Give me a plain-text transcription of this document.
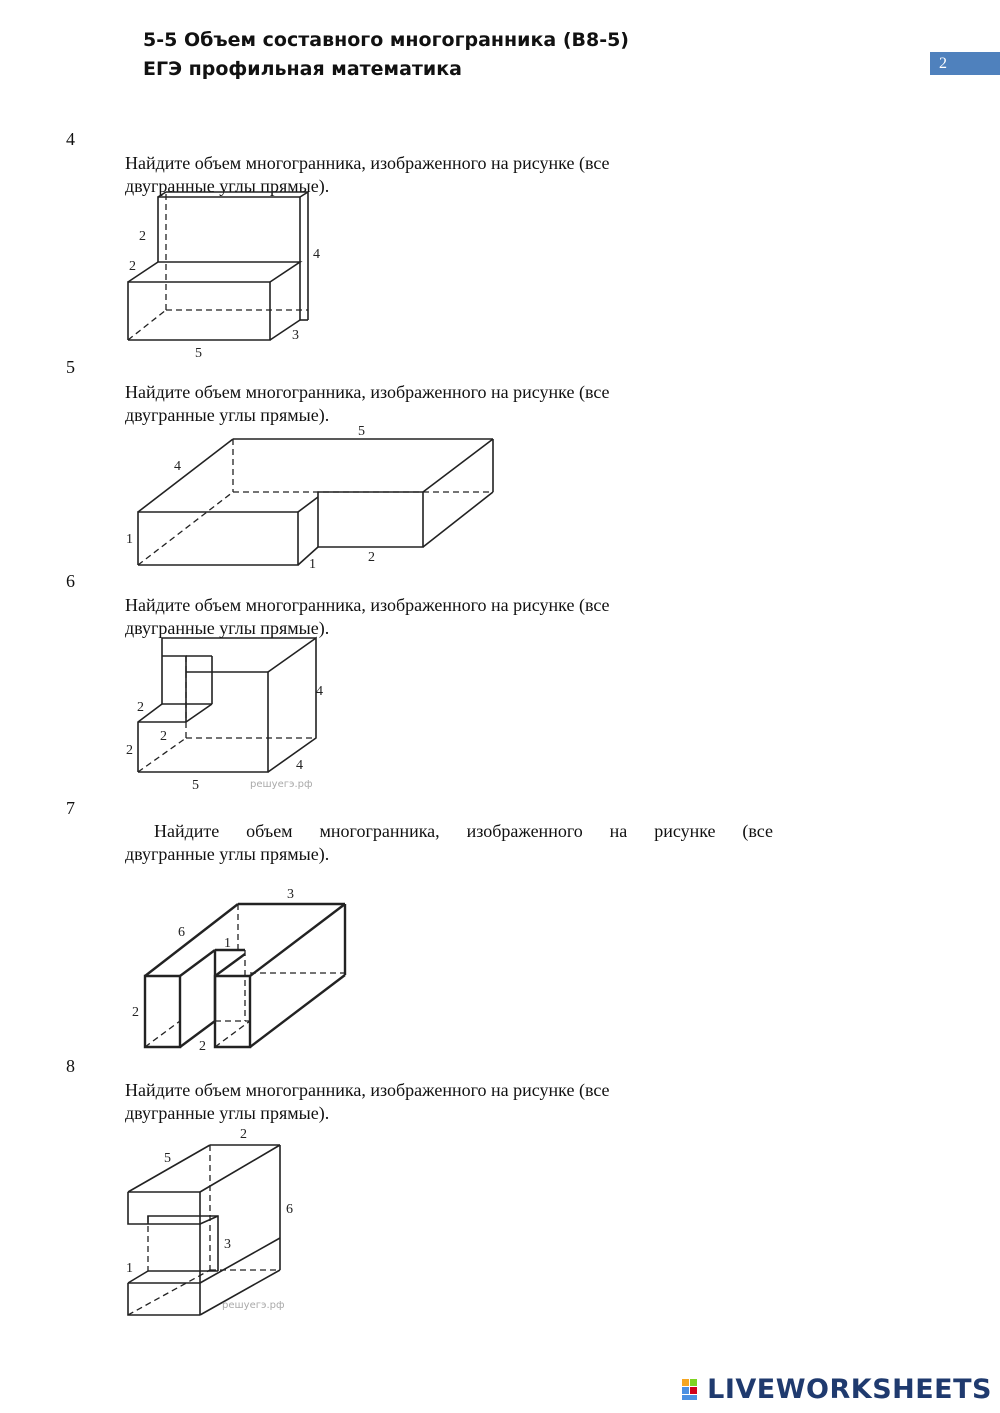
5-5 Объем составного многогранника (B8-5)
ЕГЭ профильная математика	2
4
Найдите объем многогранника, изображенного на рисунке (все
двугранные углы прямые).
2
2
4
5
3
5
Найдите объем многогранника, изображенного на рисунке (все
двугранные углы прямые).
5
4
1
1	2
6
Найдите объем многогранника, изображенного на рисунке (все
двугранные углы прямые).
2
2
2
4
4
5	решуегэ.рф
7
Найдите объем многогранника, изображенного на рисунке (все
двугранные углы прямые).
3
6
1
2
2
8
Найдите объем многогранника, изображенного на рисунке (все
двугранные углы прямые).
2
5
6
3
1
решуегэ.рф
LIVEWORKSHEETS
